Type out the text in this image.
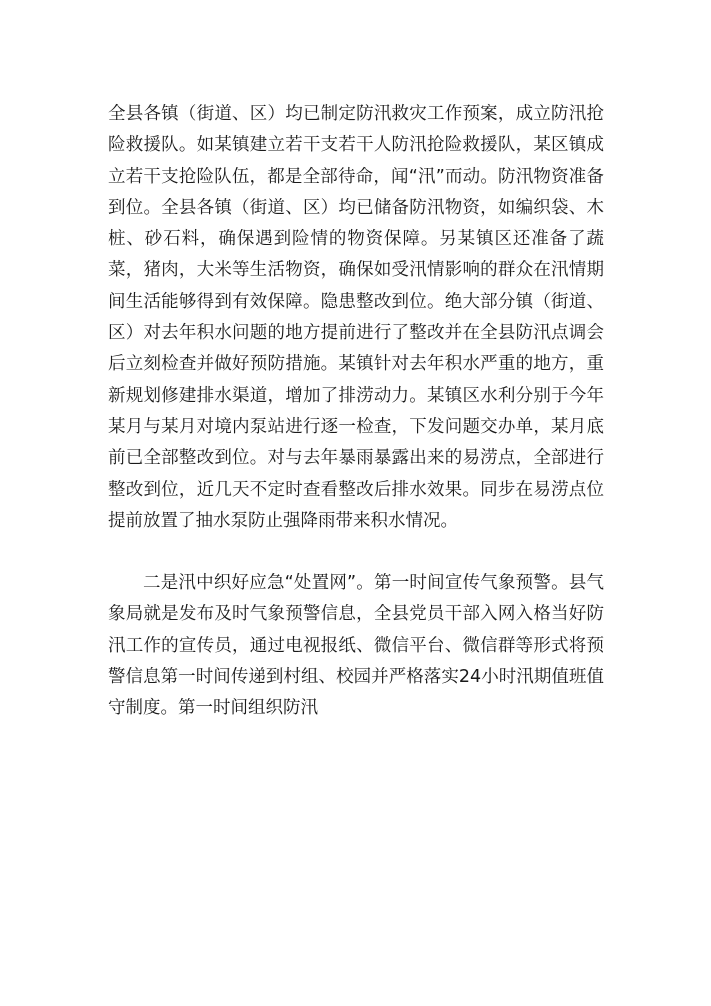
全县各镇（街道、区）均已制定防汛救灾工作预案，成立防汛抢险救援队。如某镇建立若干支若干人防汛抢险救援队，某区镇成立若干支抢险队伍，都是全部待命，闻“汛”而动。防汛物资准备到位。全县各镇（街道、区）均已储备防汛物资，如编织袋、木桩、砂石料，确保遇到险情的物资保障。另某镇区还准备了蔬菜，猪肉，大米等生活物资，确保如受汛情影响的群众在汛情期间生活能够得到有效保障。隐患整改到位。绝大部分镇（街道、区）对去年积水问题的地方提前进行了整改并在全县防汛点调会后立刻检查并做好预防措施。某镇针对去年积水严重的地方，重新规划修建排水渠道，增加了排涝动力。某镇区水利分别于今年某月与某月对境内泵站进行逐一检查，下发问题交办单，某月底前已全部整改到位。对与去年暴雨暴露出来的易涝点，全部进行整改到位，近几天不定时查看整改后排水效果。同步在易涝点位提前放置了抽水泵防止强降雨带来积水情况。

二是汛中织好应急“处置网”。第一时间宣传气象预警。县气象局就是发布及时气象预警信息，全县党员干部入网入格当好防汛工作的宣传员，通过电视报纸、微信平台、微信群等形式将预警信息第一时间传递到村组、校园并严格落实24小时汛期值班值守制度。第一时间组织防汛
